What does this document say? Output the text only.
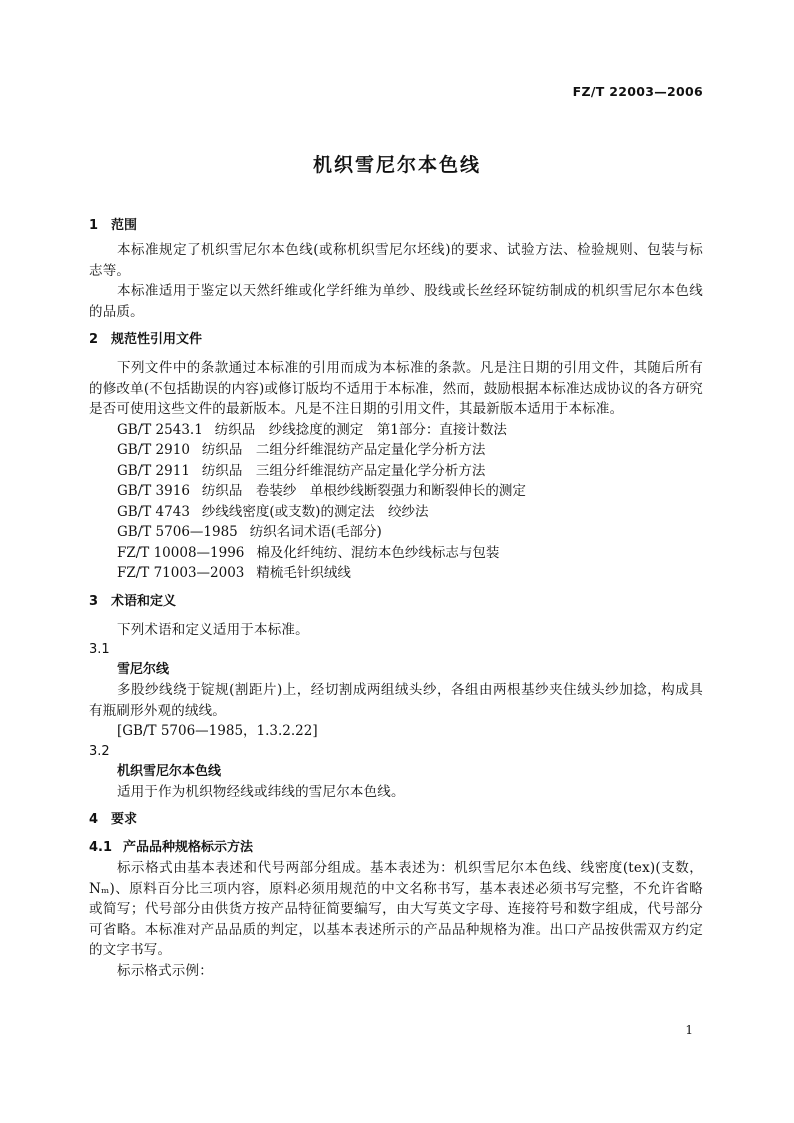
FZ/T 22003—2006
机织雪尼尔本色线
1 范围

本标准规定了机织雪尼尔本色线(或称机织雪尼尔坯线)的要求、试验方法、检验规则、包装与标志等。

本标准适用于鉴定以天然纤维或化学纤维为单纱、股线或长丝经环锭纺制成的机织雪尼尔本色线的品质。

2 规范性引用文件

下列文件中的条款通过本标准的引用而成为本标准的条款。凡是注日期的引用文件，其随后所有的修改单(不包括勘误的内容)或修订版均不适用于本标准，然而，鼓励根据本标准达成协议的各方研究是否可使用这些文件的最新版本。凡是不注日期的引用文件，其最新版本适用于本标准。

GB/T 2543.1 纺织品　纱线捻度的测定　第1部分：直接计数法

GB/T 2910 纺织品　二组分纤维混纺产品定量化学分析方法

GB/T 2911 纺织品　三组分纤维混纺产品定量化学分析方法

GB/T 3916 纺织品　卷装纱　单根纱线断裂强力和断裂伸长的测定

GB/T 4743 纱线线密度(或支数)的测定法　绞纱法

GB/T 5706—1985 纺织名词术语(毛部分)

FZ/T 10008—1996 棉及化纤纯纺、混纺本色纱线标志与包装

FZ/T 71003—2003 精梳毛针织绒线

3 术语和定义

下列术语和定义适用于本标准。

3.1

雪尼尔线

多股纱线绕于锭规(割距片)上，经切割成两组绒头纱，各组由两根基纱夹住绒头纱加捻，构成具有瓶刷形外观的绒线。

[GB/T 5706—1985，1.3.2.22]

3.2

机织雪尼尔本色线

适用于作为机织物经线或纬线的雪尼尔本色线。

4 要求
4.1 产品品种规格标示方法

标示格式由基本表述和代号两部分组成。基本表述为：机织雪尼尔本色线、线密度(tex)(支数，Nₘ)、原料百分比三项内容，原料必须用规范的中文名称书写，基本表述必须书写完整，不允许省略或简写；代号部分由供货方按产品特征简要编写，由大写英文字母、连接符号和数字组成，代号部分可省略。本标准对产品品质的判定，以基本表述所示的产品品种规格为准。出口产品按供需双方约定的文字书写。

标示格式示例：

1
